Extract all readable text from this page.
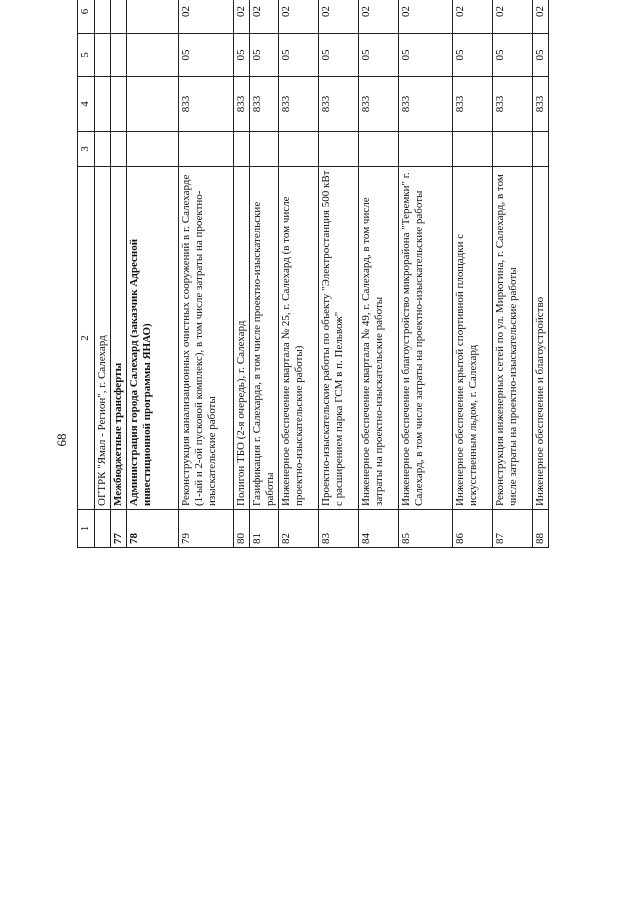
68
1	2	3	4	5	6			
	ОГТРК "Ямал - Регион", г. Салехард							
77	Межбюджетные трансферты							
78	Администрация города Салехард (заказчик Адресной инвестиционной программы ЯНАО)							
79	Реконструкция канализационных очистных сооружений в г. Салехарде (1-ый и 2-ой пусковой комплекс), в том числе затраты на проектно-изыскательские работы		833	05	02			
80	Полигон ТБО (2-я очередь), г. Салехард		833	05	02			
81	Газификация г. Салехарда, в том числе проектно-изыскательские работы		833	05	02			
82	Инженерное обеспечение квартала № 25, г. Салехард (в том числе проектно-изыскательские работы)		833	05	02			
83	Проектно-изыскательские работы по объекту "Электростанция 500 кВт с расширением парка ГСМ в п. Пельвож"		833	05	02			
84	Инженерное обеспечение квартала № 49, г. Салехард, в том числе затраты на проектно-изыскательские работы		833	05	02			
85	Инженерное обеспечение и благоустройство микрорайона "Теремки" г. Салехард, в том числе затраты на проектно-изыскательские работы		833	05	02			
86	Инженерное обеспечение крытой спортивной площадки с искусственным льдом, г. Салехард		833	05	02			
87	Реконструкция инженерных сетей по ул. Мирюгина, г. Салехард, в том числе затраты на проектно-изыскательские работы		833	05	02			
88	Инженерное обеспечение и благоустройство		833	05	02			
